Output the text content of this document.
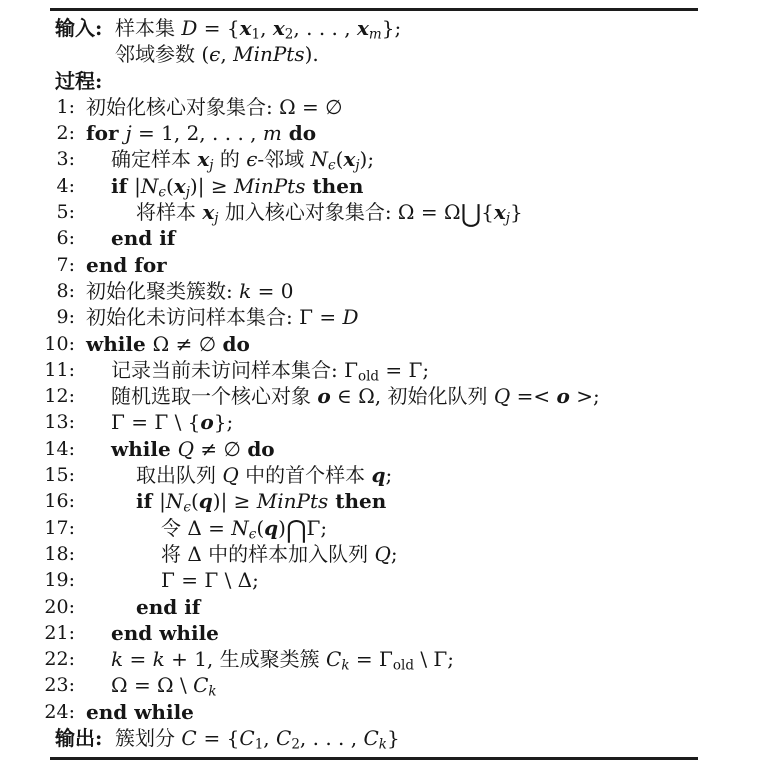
输入: 样本集 D = {x1, x2, . . . , xm};
邻域参数 (ϵ, MinPts).
过程:
1: 初始化核心对象集合: Ω = ∅
2: for j = 1, 2, . . . , m do
3: 确定样本 xj 的 ϵ-邻域 Nϵ(xj);
4: if |Nϵ(xj)| ≥ MinPts then
5:	将样本 xj 加入核心对象集合: Ω = Ω⋃{xj}
6: end if
7: end for
8: 初始化聚类簇数: k = 0
9: 初始化未访问样本集合: Γ = D
10: while Ω ≠ ∅ do
11: 记录当前未访问样本集合: Γold = Γ;
12: 随机选取一个核心对象 o ∈ Ω, 初始化队列 Q =< o >;
13: Γ = Γ \ {o};
14: while Q ≠ ∅ do
15:	取出队列 Q 中的首个样本 q;
16:	if |Nϵ(q)| ≥ MinPts then
17:	令 Δ = Nϵ(q)⋂Γ;
18:	将 Δ 中的样本加入队列 Q;
19:	Γ = Γ \ Δ;
20:	end if
21: end while
22: k = k + 1, 生成聚类簇 Ck = Γold \ Γ;
23: Ω = Ω \ Ck
24: end while
输出: 簇划分 C = {C1, C2, . . . , Ck}
